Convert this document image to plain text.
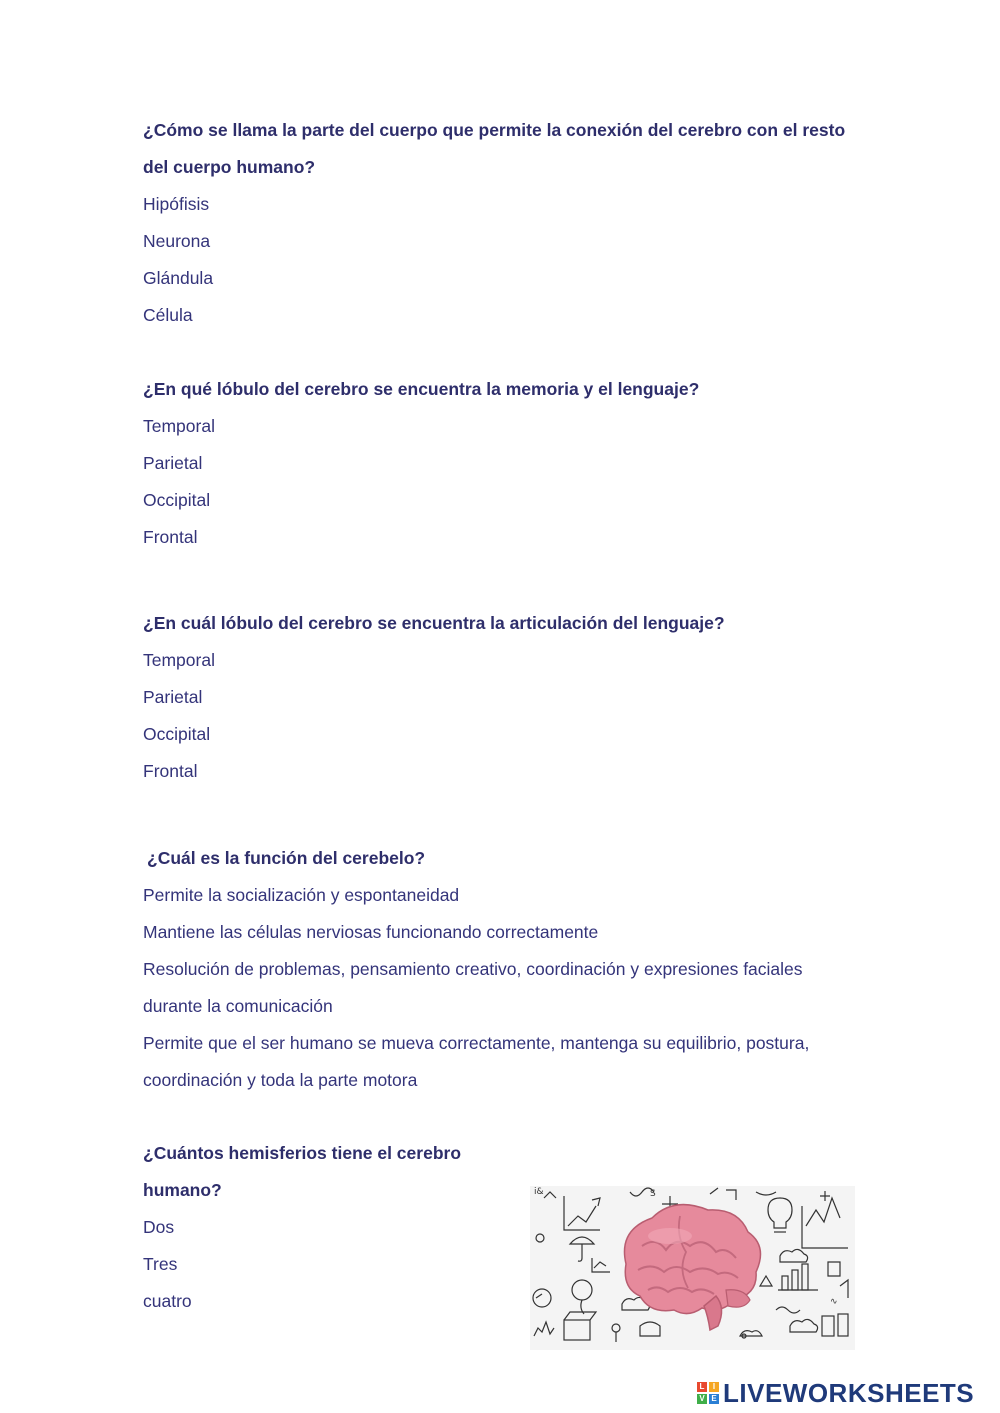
¿Cómo se llama la parte del cuerpo que permite la conexión del cerebro con el resto
del cuerpo humano?

Hipófisis
Neurona
Glándula
Célula

¿En qué lóbulo del cerebro se encuentra la memoria y el lenguaje?

Temporal
Parietal
Occipital
Frontal

¿En cuál lóbulo del cerebro se encuentra la articulación del lenguaje?

Temporal
Parietal
Occipital
Frontal

¿Cuál es la función del cerebelo?

Permite la socialización y espontaneidad
Mantiene las células nerviosas funcionando correctamente
Resolución de problemas, pensamiento creativo, coordinación y expresiones faciales
durante la comunicación
Permite que el ser humano se mueva correctamente, mantenga su equilibrio, postura,
coordinación y toda la parte motora

¿Cuántos hemisferios tiene el cerebro humano?

Dos
Tres
cuatro
i&	S
∿
L	I
V E LIVEWORKSHEETS
